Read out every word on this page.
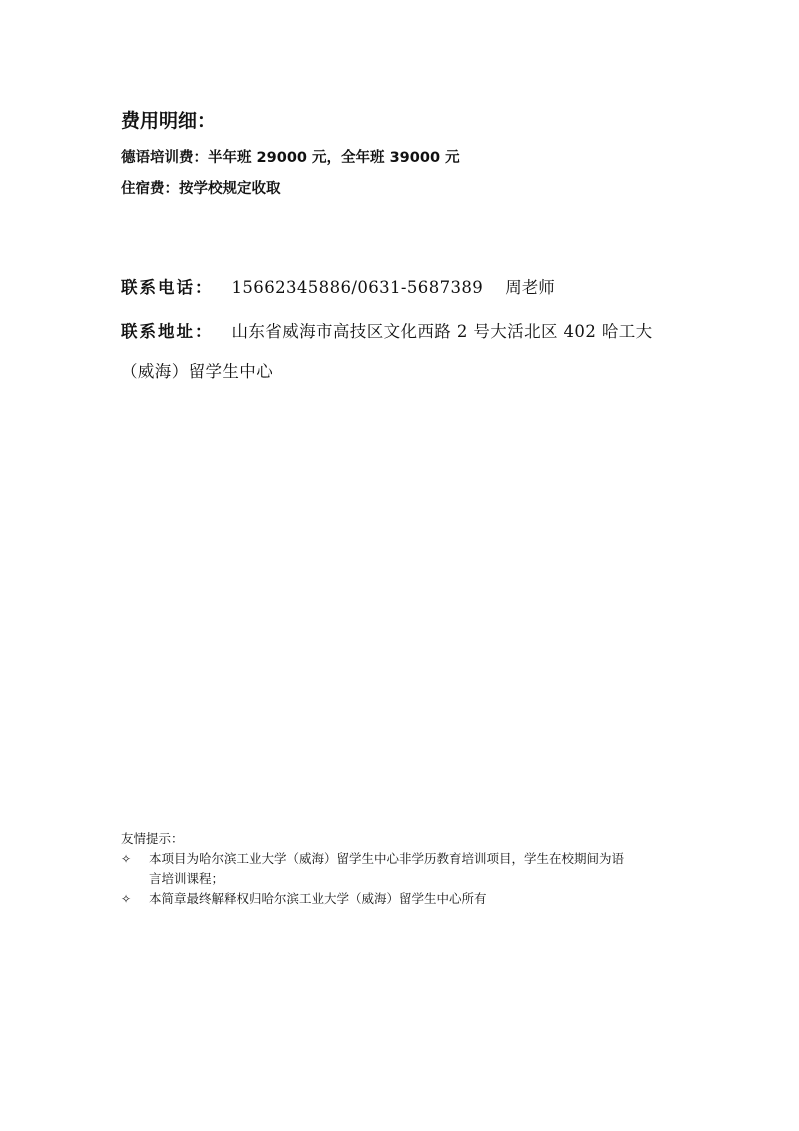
费用明细：
德语培训费：半年班 29000 元，全年班 39000 元
住宿费：按学校规定收取
联系电话： 15662345886/0631-5687389 周老师
联系地址： 山东省威海市高技区文化西路 2 号大活北区 402 哈工大
（威海）留学生中心
友情提示：
✧ 本项目为哈尔滨工业大学（威海）留学生中心非学历教育培训项目，学生在校期间为语
言培训课程；
✧ 本简章最终解释权归哈尔滨工业大学（威海）留学生中心所有
